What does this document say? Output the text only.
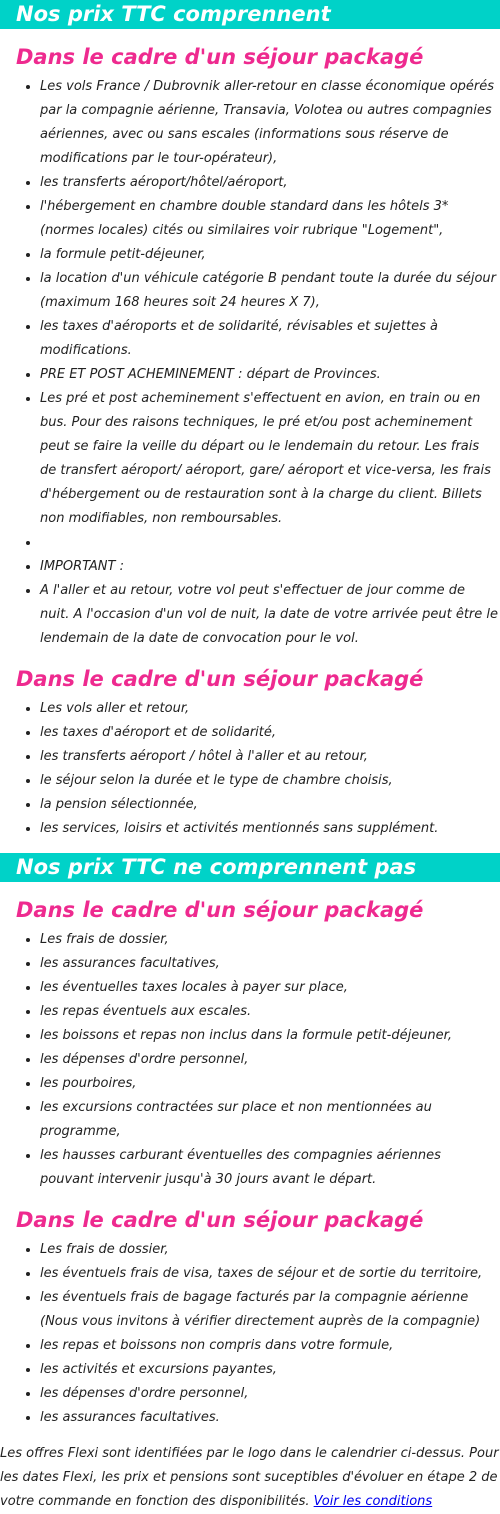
Nos prix TTC comprennent
Dans le cadre d'un séjour packagé
• Les vols France / Dubrovnik aller-retour en classe économique opérés par la compagnie aérienne, Transavia, Volotea ou autres compagnies aériennes, avec ou sans escales (informations sous réserve de modifications par le tour-opérateur),
• les transferts aéroport/hôtel/aéroport,
• l'hébergement en chambre double standard dans les hôtels 3* (normes locales) cités ou similaires voir rubrique "Logement",
• la formule petit-déjeuner,
• la location d'un véhicule catégorie B pendant toute la durée du séjour (maximum 168 heures soit 24 heures X 7),
• les taxes d'aéroports et de solidarité, révisables et sujettes à modifications.
• PRE ET POST ACHEMINEMENT : départ de Provinces.
• Les pré et post acheminement s'effectuent en avion, en train ou en bus. Pour des raisons techniques, le pré et/ou post acheminement peut se faire la veille du départ ou le lendemain du retour. Les frais de transfert aéroport/ aéroport, gare/ aéroport et vice-versa, les frais d'hébergement ou de restauration sont à la charge du client. Billets non modifiables, non remboursables.
•
• IMPORTANT :
• A l'aller et au retour, votre vol peut s'effectuer de jour comme de nuit. A l'occasion d'un vol de nuit, la date de votre arrivée peut être le lendemain de la date de convocation pour le vol.
Dans le cadre d'un séjour packagé
• Les vols aller et retour,
• les taxes d'aéroport et de solidarité,
• les transferts aéroport / hôtel à l'aller et au retour,
• le séjour selon la durée et le type de chambre choisis,
• la pension sélectionnée,
• les services, loisirs et activités mentionnés sans supplément.
Nos prix TTC ne comprennent pas
Dans le cadre d'un séjour packagé
• Les frais de dossier,
• les assurances facultatives,
• les éventuelles taxes locales à payer sur place,
• les repas éventuels aux escales.
• les boissons et repas non inclus dans la formule petit-déjeuner,
• les dépenses d'ordre personnel,
• les pourboires,
• les excursions contractées sur place et non mentionnées au programme,
• les hausses carburant éventuelles des compagnies aériennes pouvant intervenir jusqu'à 30 jours avant le départ.
Dans le cadre d'un séjour packagé
• Les frais de dossier,
• les éventuels frais de visa, taxes de séjour et de sortie du territoire,
• les éventuels frais de bagage facturés par la compagnie aérienne (Nous vous invitons à vérifier directement auprès de la compagnie)
• les repas et boissons non compris dans votre formule,
• les activités et excursions payantes,
• les dépenses d'ordre personnel,
• les assurances facultatives.

Les offres Flexi sont identifiées par le logo dans le calendrier ci-dessus. Pour les dates Flexi, les prix et pensions sont suceptibles d'évoluer en étape 2 de votre commande en fonction des disponibilités. Voir les conditions
